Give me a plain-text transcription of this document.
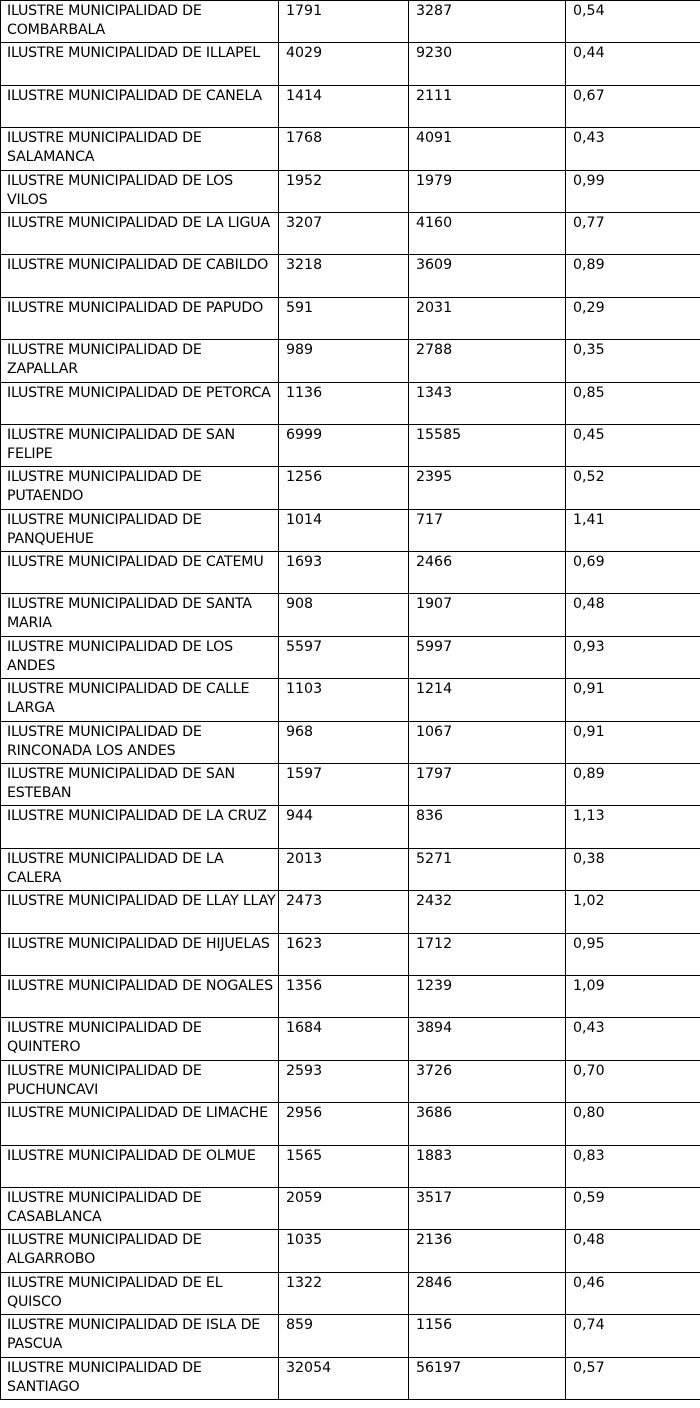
ILUSTRE MUNICIPALIDAD DE COMBARBALA	1791	3287	0,54
ILUSTRE MUNICIPALIDAD DE ILLAPEL	4029	9230	0,44
ILUSTRE MUNICIPALIDAD DE CANELA	1414	2111	0,67
ILUSTRE MUNICIPALIDAD DE SALAMANCA	1768	4091	0,43
ILUSTRE MUNICIPALIDAD DE LOS VILOS	1952	1979	0,99
ILUSTRE MUNICIPALIDAD DE LA LIGUA	3207	4160	0,77
ILUSTRE MUNICIPALIDAD DE CABILDO	3218	3609	0,89
ILUSTRE MUNICIPALIDAD DE PAPUDO	591	2031	0,29
ILUSTRE MUNICIPALIDAD DE ZAPALLAR	989	2788	0,35
ILUSTRE MUNICIPALIDAD DE PETORCA	1136	1343	0,85
ILUSTRE MUNICIPALIDAD DE SAN FELIPE	6999	15585	0,45
ILUSTRE MUNICIPALIDAD DE PUTAENDO	1256	2395	0,52
ILUSTRE MUNICIPALIDAD DE PANQUEHUE	1014	717	1,41
ILUSTRE MUNICIPALIDAD DE CATEMU	1693	2466	0,69
ILUSTRE MUNICIPALIDAD DE SANTA MARIA	908	1907	0,48
ILUSTRE MUNICIPALIDAD DE LOS ANDES	5597	5997	0,93
ILUSTRE MUNICIPALIDAD DE CALLE LARGA	1103	1214	0,91
ILUSTRE MUNICIPALIDAD DE RINCONADA LOS ANDES	968	1067	0,91
ILUSTRE MUNICIPALIDAD DE SAN ESTEBAN	1597	1797	0,89
ILUSTRE MUNICIPALIDAD DE LA CRUZ	944	836	1,13
ILUSTRE MUNICIPALIDAD DE LA CALERA	2013	5271	0,38
ILUSTRE MUNICIPALIDAD DE LLAY LLAY	2473	2432	1,02
ILUSTRE MUNICIPALIDAD DE HIJUELAS	1623	1712	0,95
ILUSTRE MUNICIPALIDAD DE NOGALES	1356	1239	1,09
ILUSTRE MUNICIPALIDAD DE QUINTERO	1684	3894	0,43
ILUSTRE MUNICIPALIDAD DE PUCHUNCAVI	2593	3726	0,70
ILUSTRE MUNICIPALIDAD DE LIMACHE	2956	3686	0,80
ILUSTRE MUNICIPALIDAD DE OLMUE	1565	1883	0,83
ILUSTRE MUNICIPALIDAD DE CASABLANCA	2059	3517	0,59
ILUSTRE MUNICIPALIDAD DE ALGARROBO	1035	2136	0,48
ILUSTRE MUNICIPALIDAD DE EL QUISCO	1322	2846	0,46
ILUSTRE MUNICIPALIDAD DE ISLA DE PASCUA	859	1156	0,74
ILUSTRE MUNICIPALIDAD DE SANTIAGO	32054	56197	0,57
